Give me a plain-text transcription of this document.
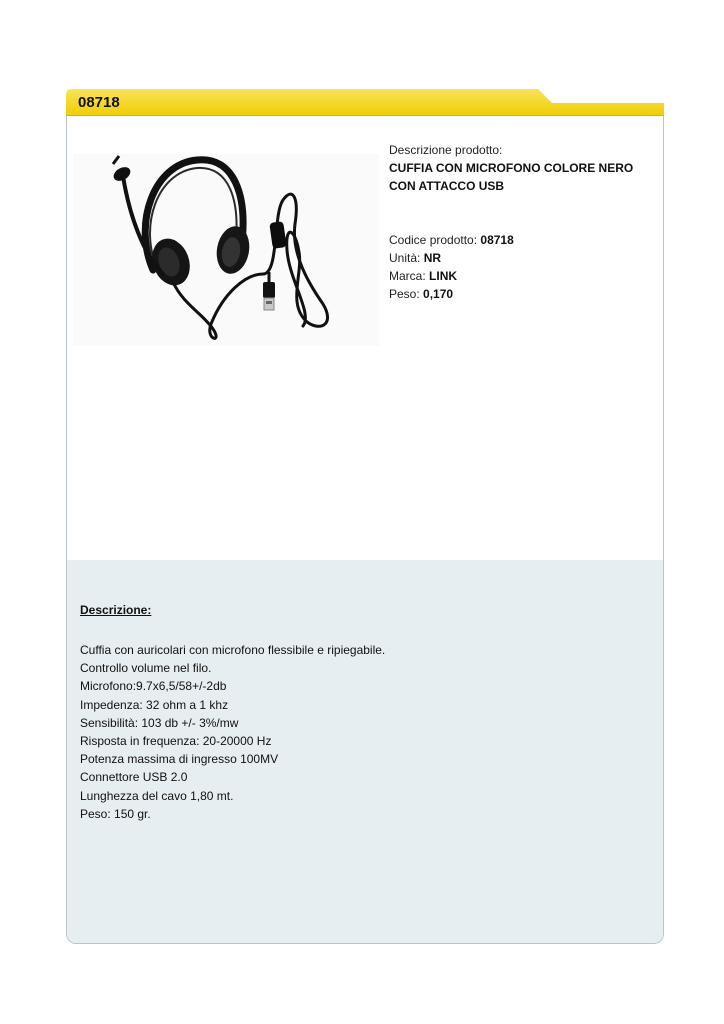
08718
Descrizione prodotto:
CUFFIA CON MICROFONO COLORE NERO CON ATTACCO USB
Codice prodotto: 08718
Unità: NR
Marca: LINK
Peso: 0,170
Descrizione:
Cuffia con auricolari con microfono flessibile e ripiegabile.
Controllo volume nel filo.
Microfono:9.7x6,5/58+/-2db
Impedenza: 32 ohm a 1 khz
Sensibilità: 103 db +/- 3%/mw
Risposta in frequenza: 20-20000 Hz
Potenza massima di ingresso 100MV
Connettore USB 2.0
Lunghezza del cavo 1,80 mt.
Peso: 150 gr.
